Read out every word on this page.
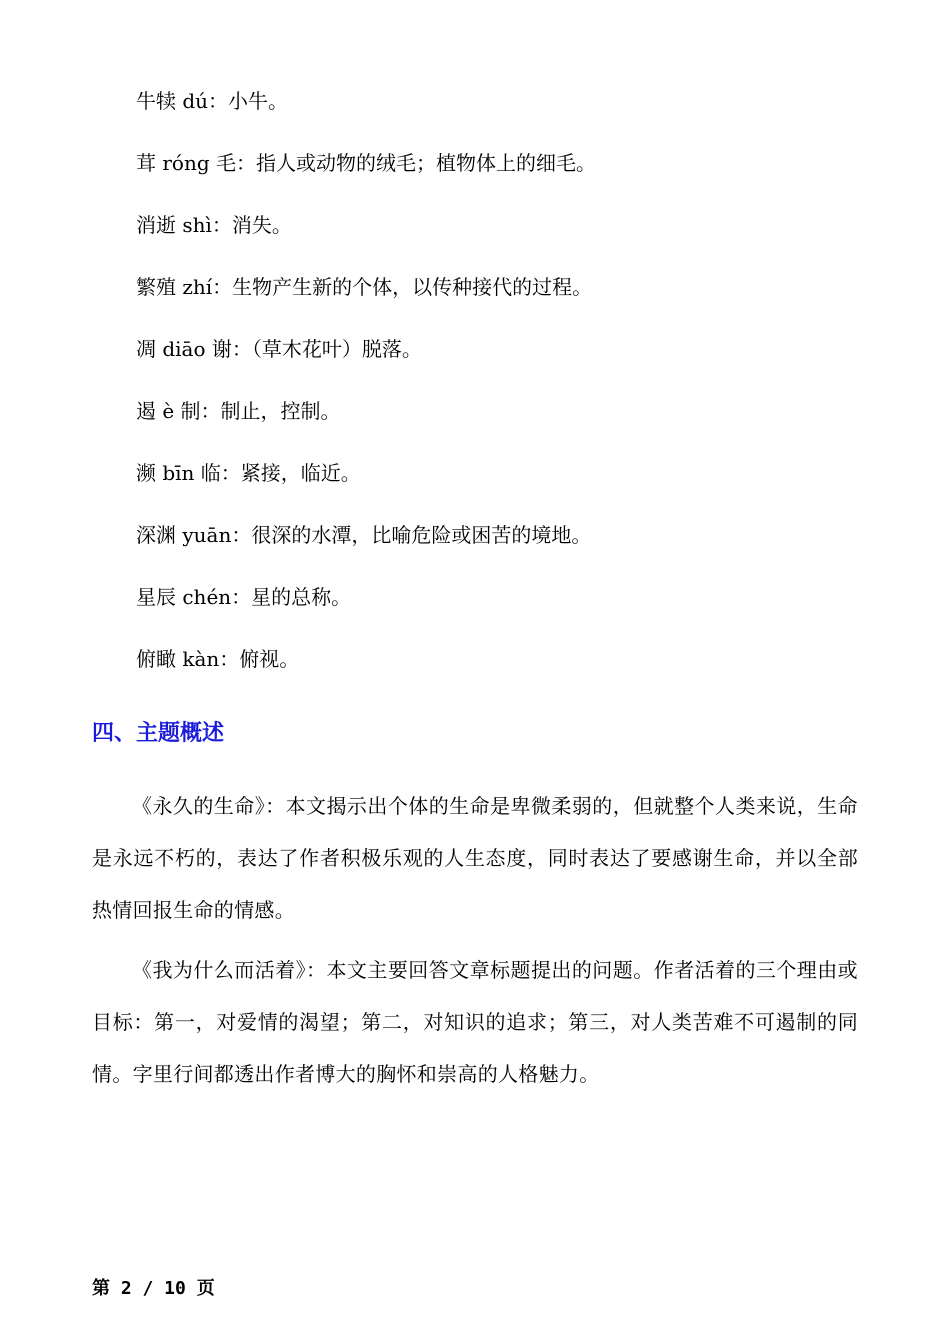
牛犊 dú：小牛。
茸 róng 毛：指人或动物的绒毛；植物体上的细毛。
消逝 shì：消失。
繁殖 zhí：生物产生新的个体，以传种接代的过程。
凋 diāo 谢：（草木花叶）脱落。
遏 è 制：制止，控制。
濒 bīn 临：紧接，临近。
深渊 yuān：很深的水潭，比喻危险或困苦的境地。
星辰 chén：星的总称。
俯瞰 kàn：俯视。
四、主题概述

《永久的生命》：本文揭示出个体的生命是卑微柔弱的，但就整个人类来说，生命是永远不朽的，表达了作者积极乐观的人生态度，同时表达了要感谢生命，并以全部热情回报生命的情感。

《我为什么而活着》：本文主要回答文章标题提出的问题。作者活着的三个理由或目标：第一，对爱情的渴望；第二，对知识的追求；第三，对人类苦难不可遏制的同情。字里行间都透出作者博大的胸怀和崇高的人格魅力。

第 2 / 10 页
